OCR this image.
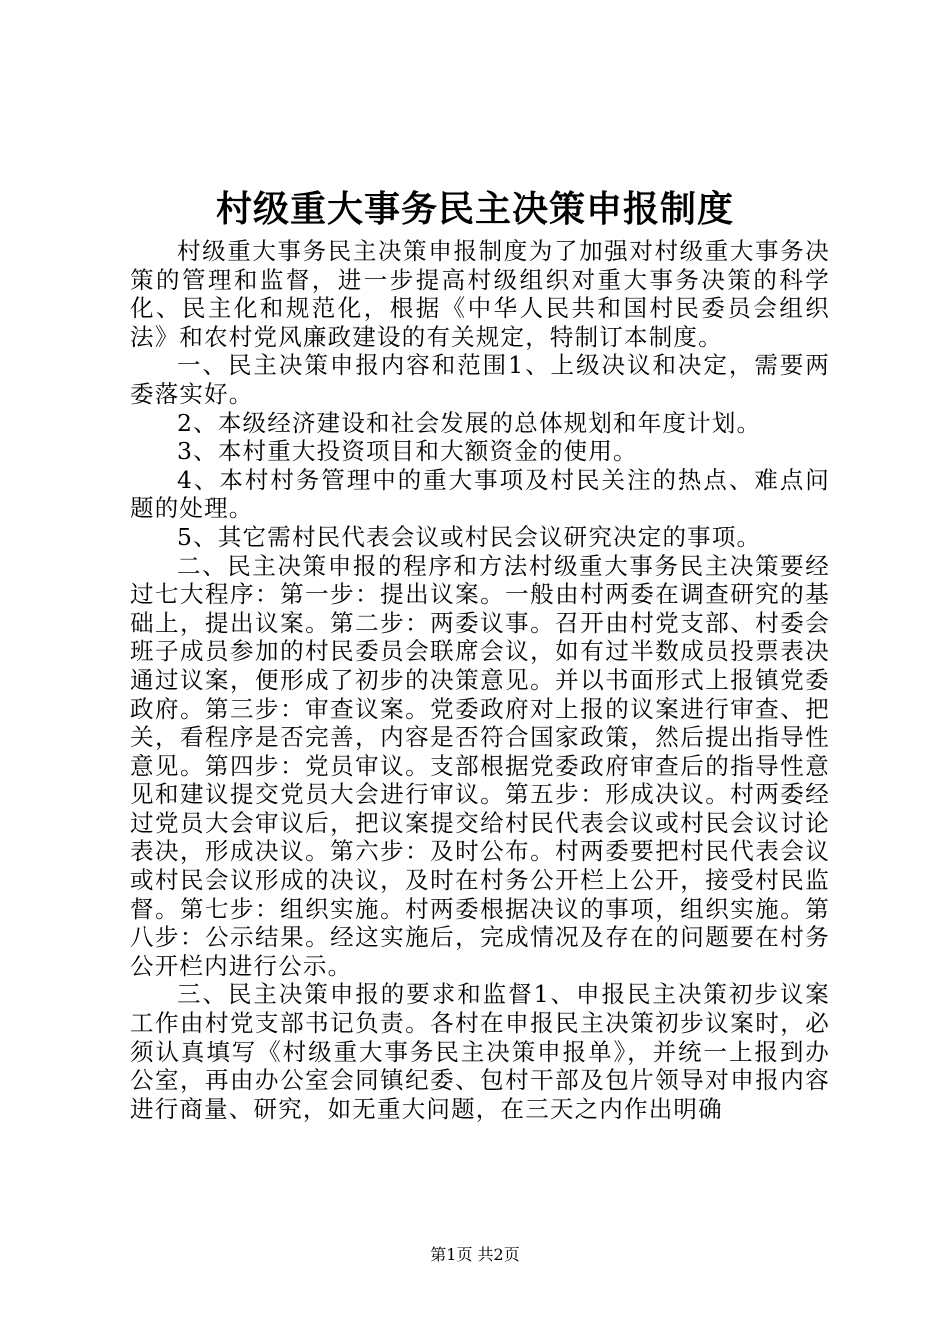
村级重大事务民主决策申报制度

村级重大事务民主决策申报制度为了加强对村级重大事务决策的管理和监督，进一步提高村级组织对重大事务决策的科学化、民主化和规范化，根据《中华人民共和国村民委员会组织法》和农村党风廉政建设的有关规定，特制订本制度。

一、民主决策申报内容和范围1、上级决议和决定，需要两委落实好。

2、本级经济建设和社会发展的总体规划和年度计划。

3、本村重大投资项目和大额资金的使用。

4、本村村务管理中的重大事项及村民关注的热点、难点问题的处理。

5、其它需村民代表会议或村民会议研究决定的事项。

二、民主决策申报的程序和方法村级重大事务民主决策要经过七大程序：第一步：提出议案。一般由村两委在调查研究的基础上，提出议案。第二步：两委议事。召开由村党支部、村委会班子成员参加的村民委员会联席会议，如有过半数成员投票表决通过议案，便形成了初步的决策意见。并以书面形式上报镇党委政府。第三步：审查议案。党委政府对上报的议案进行审查、把关，看程序是否完善，内容是否符合国家政策，然后提出指导性意见。第四步：党员审议。支部根据党委政府审查后的指导性意见和建议提交党员大会进行审议。第五步：形成决议。村两委经过党员大会审议后，把议案提交给村民代表会议或村民会议讨论表决，形成决议。第六步：及时公布。村两委要把村民代表会议或村民会议形成的决议，及时在村务公开栏上公开，接受村民监督。第七步：组织实施。村两委根据决议的事项，组织实施。第八步：公示结果。经这实施后，完成情况及存在的问题要在村务公开栏内进行公示。

三、民主决策申报的要求和监督1、申报民主决策初步议案工作由村党支部书记负责。各村在申报民主决策初步议案时，必须认真填写《村级重大事务民主决策申报单》，并统一上报到办公室，再由办公室会同镇纪委、包村干部及包片领导对申报内容进行商量、研究，如无重大问题，在三天之内作出明确

第1页 共2页
